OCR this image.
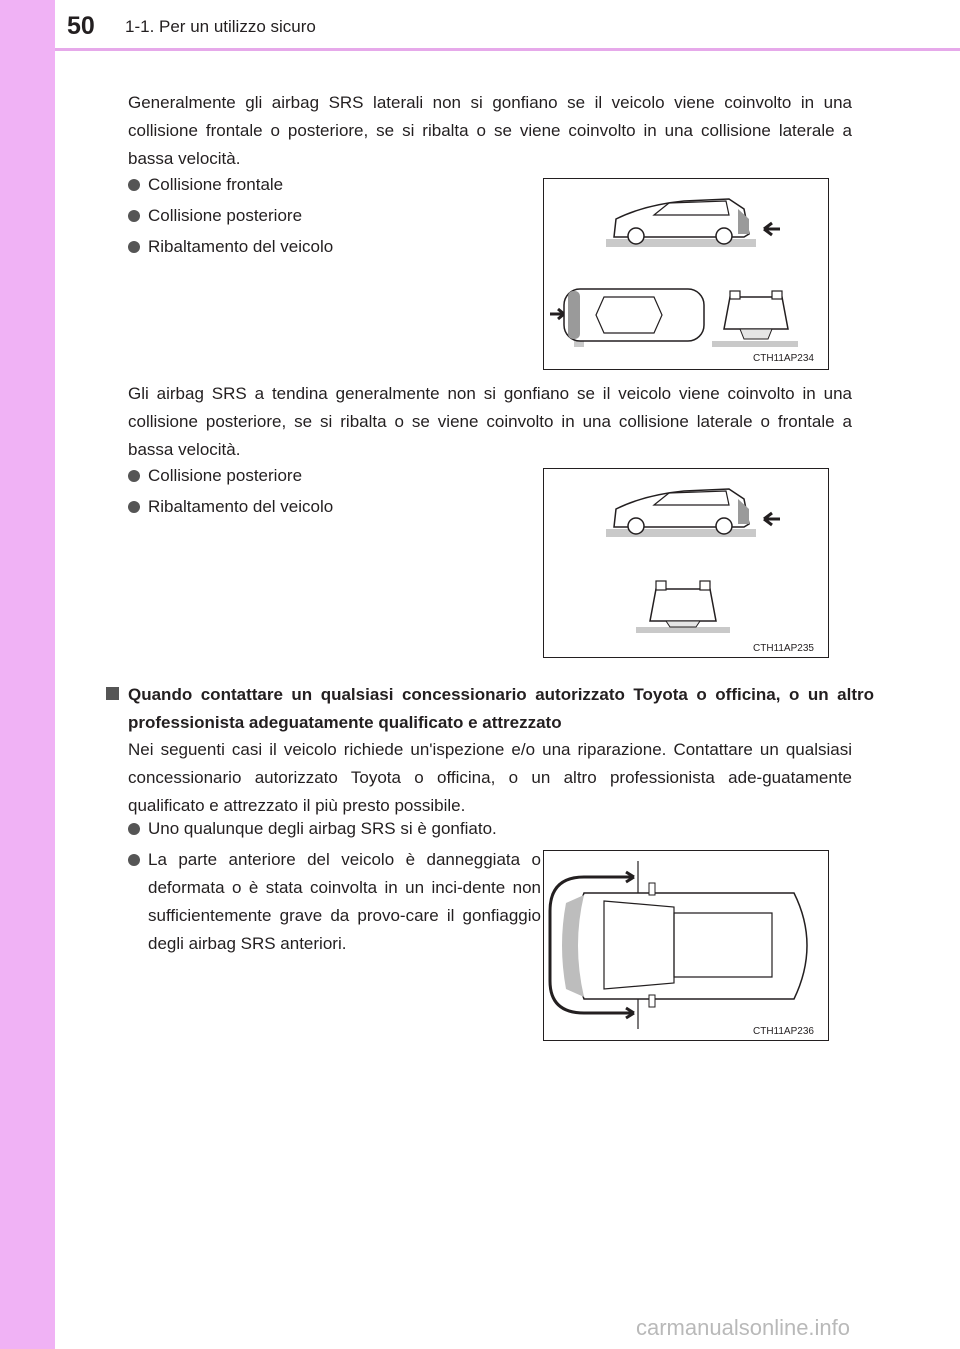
50 1-1. Per un utilizzo sicuro

Generalmente gli airbag SRS laterali non si gonfiano se il veicolo viene coinvolto in una collisione frontale o posteriore, se si ribalta o se viene coinvolto in una collisione laterale a bassa velocità.

Collisione frontale
Collisione posteriore
Ribaltamento del veicolo
CTH11AP234

Gli airbag SRS a tendina generalmente non si gonfiano se il veicolo viene coinvolto in una collisione posteriore, se si ribalta o se viene coinvolto in una collisione laterale o frontale a bassa velocità.

Collisione posteriore
Ribaltamento del veicolo
CTH11AP235

Quando contattare un qualsiasi concessionario autorizzato Toyota o officina, o un altro professionista adeguatamente qualificato e attrezzato

Nei seguenti casi il veicolo richiede un'ispezione e/o una riparazione. Contattare un qualsiasi concessionario autorizzato Toyota o officina, o un altro professionista ade-guatamente qualificato e attrezzato il più presto possibile.

Uno qualunque degli airbag SRS si è gonfiato.

La parte anteriore del veicolo è danneggiata o deformata o è stata coinvolta in un inci-dente non sufficientemente grave da provo-care il gonfiaggio degli airbag SRS anteriori.

CTH11AP236
carmanualsonline.info
